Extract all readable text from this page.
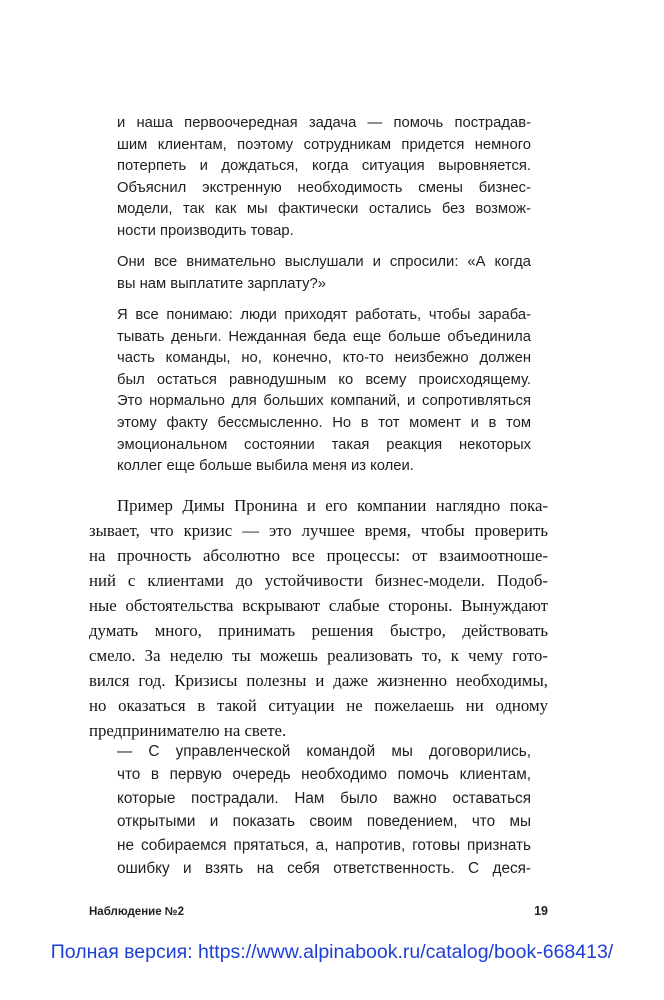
и наша первоочередная задача — помочь пострадав-
шим клиентам, поэтому сотрудникам придется немного
потерпеть и дождаться, когда ситуация выровняется.
Объяснил экстренную необходимость смены бизнес-
модели, так как мы фактически остались без возмож-
ности производить товар.
Они все внимательно выслушали и спросили: «А когда
вы нам выплатите зарплату?»
Я все понимаю: люди приходят работать, чтобы зараба-
тывать деньги. Нежданная беда еще больше объединила
часть команды, но, конечно, кто-то неизбежно должен
был остаться равнодушным ко всему происходящему.
Это нормально для больших компаний, и сопротивляться
этому факту бессмысленно. Но в тот момент и в том
эмоциональном состоянии такая реакция некоторых
коллег еще больше выбила меня из колеи.
Пример Димы Пронина и его компании наглядно пока-
зывает, что кризис — это лучшее время, чтобы проверить
на прочность абсолютно все процессы: от взаимоотноше-
ний с клиентами до устойчивости бизнес-модели. Подоб-
ные обстоятельства вскрывают слабые стороны. Вынуждают
думать много, принимать решения быстро, действовать
смело. За неделю ты можешь реализовать то, к чему гото-
вился год. Кризисы полезны и даже жизненно необходимы,
но оказаться в такой ситуации не пожелаешь ни одному
предпринимателю на свете.
— С управленческой командой мы договорились,
что в первую очередь необходимо помочь клиентам,
которые пострадали. Нам было важно оставаться
открытыми и показать своим поведением, что мы
не собираемся прятаться, а, напротив, готовы признать
ошибку и взять на себя ответственность. С деся-
Наблюдение №2	19
Полная версия: https://www.alpinabook.ru/catalog/book-668413/
